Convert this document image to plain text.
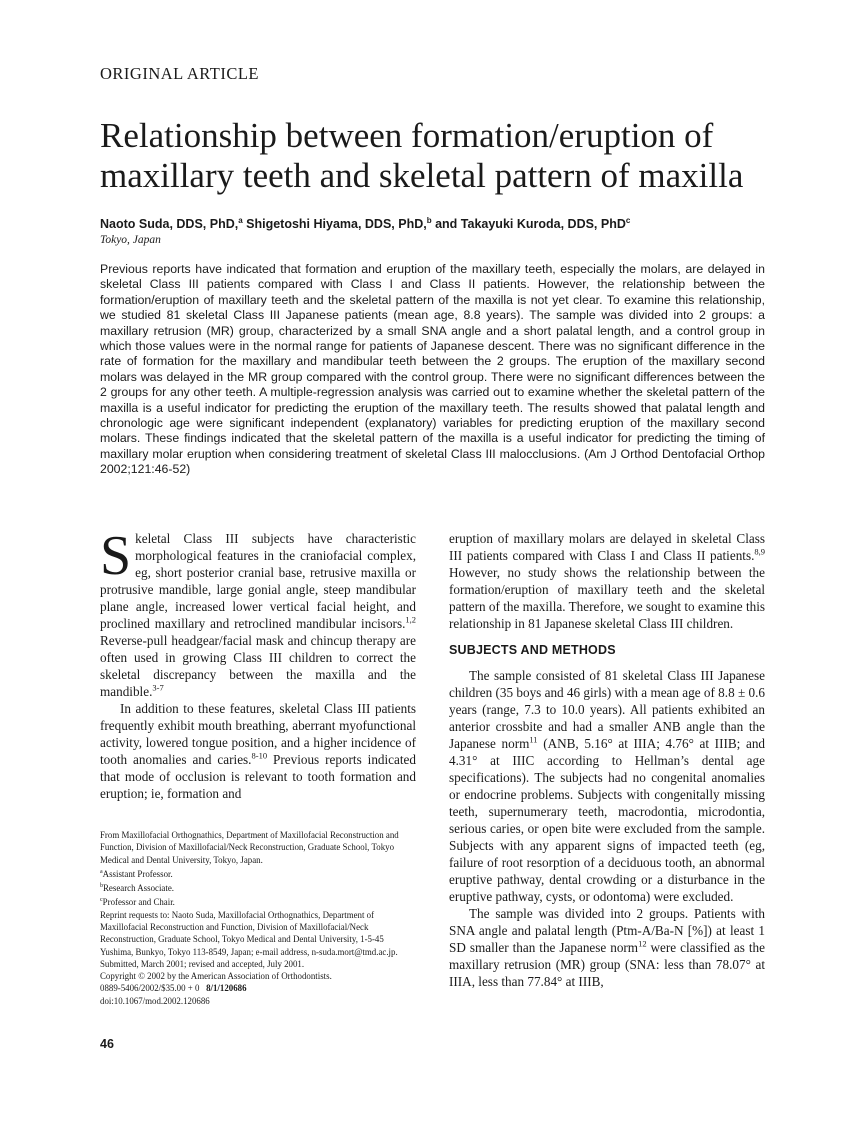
ORIGINAL ARTICLE
Relationship between formation/eruption of maxillary teeth and skeletal pattern of maxilla
Naoto Suda, DDS, PhD,$^a$ Shigetoshi Hiyama, DDS, PhD,$^b$ and Takayuki Kuroda, DDS, PhD$^c$
Tokyo, Japan

Previous reports have indicated that formation and eruption of the maxillary teeth, especially the molars, are delayed in skeletal Class III patients compared with Class I and Class II patients. However, the relationship between the formation/eruption of maxillary teeth and the skeletal pattern of the maxilla is not yet clear. To examine this relationship, we studied 81 skeletal Class III Japanese patients (mean age, 8.8 years). The sample was divided into 2 groups: a maxillary retrusion (MR) group, characterized by a small SNA angle and a short palatal length, and a control group in which those values were in the normal range for patients of Japanese descent. There was no significant difference in the rate of formation for the maxillary and mandibular teeth between the 2 groups. The eruption of the maxillary second molars was delayed in the MR group compared with the control group. There were no significant differences between the 2 groups for any other teeth. A multiple-regression analysis was carried out to examine whether the skeletal pattern of the maxilla is a useful indicator for predicting the eruption of the maxillary teeth. The results showed that palatal length and chronologic age were significant independent (explanatory) variables for predicting eruption of the maxillary second molars. These findings indicated that the skeletal pattern of the maxilla is a useful indicator for predicting the timing of maxillary molar eruption when considering treatment of skeletal Class III malocclusions. (Am J Orthod Dentofacial Orthop 2002;121:46-52)

Skeletal Class III subjects have characteristic morphological features in the craniofacial complex, eg, short posterior cranial base, retrusive maxilla or protrusive mandible, large gonial angle, steep mandibular plane angle, increased lower vertical facial height, and proclined maxillary and retroclined mandibular incisors.$^{1,2}$ Reverse-pull headgear/facial mask and chincup therapy are often used in growing Class III children to correct the skeletal discrepancy between the maxilla and the mandible.$^{3-7}$

In addition to these features, skeletal Class III patients frequently exhibit mouth breathing, aberrant myofunctional activity, lowered tongue position, and a higher incidence of tooth anomalies and caries.$^{8-10}$ Previous reports indicated that mode of occlusion is relevant to tooth formation and eruption; ie, formation and

eruption of maxillary molars are delayed in skeletal Class III patients compared with Class I and Class II patients.$^{8,9}$ However, no study shows the relationship between the formation/eruption of maxillary teeth and the skeletal pattern of the maxilla. Therefore, we sought to examine this relationship in 81 Japanese skeletal Class III children.

SUBJECTS AND METHODS

The sample consisted of 81 skeletal Class III Japanese children (35 boys and 46 girls) with a mean age of 8.8 ± 0.6 years (range, 7.3 to 10.0 years). All patients exhibited an anterior crossbite and had a smaller ANB angle than the Japanese norm$^{11}$ (ANB, 5.16° at IIIA; 4.76° at IIIB; and 4.31° at IIIC according to Hellman’s dental age specifications). The subjects had no congenital anomalies or endocrine problems. Subjects with congenitally missing teeth, supernumerary teeth, macrodontia, microdontia, serious caries, or open bite were excluded from the sample. Subjects with any apparent signs of impacted teeth (eg, failure of root resorption of a deciduous tooth, an abnormal eruptive pathway, dental crowding or a disturbance in the eruptive pathway, cysts, or odontoma) were excluded.

The sample was divided into 2 groups. Patients with SNA angle and palatal length (Ptm-A/Ba-N [%]) at least 1 SD smaller than the Japanese norm$^{12}$ were classified as the maxillary retrusion (MR) group (SNA: less than 78.07° at IIIA, less than 77.84° at IIIB,

From Maxillofacial Orthognathics, Department of Maxillofacial Reconstruction and Function, Division of Maxillofacial/Neck Reconstruction, Graduate School, Tokyo Medical and Dental University, Tokyo, Japan.
$^a$Assistant Professor.
$^b$Research Associate.
$^c$Professor and Chair.
Reprint requests to: Naoto Suda, Maxillofacial Orthognathics, Department of Maxillofacial Reconstruction and Function, Division of Maxillofacial/Neck Reconstruction, Graduate School, Tokyo Medical and Dental University, 1-5-45 Yushima, Bunkyo, Tokyo 113-8549, Japan; e-mail address, n-suda.mort@tmd.ac.jp.
Submitted, March 2001; revised and accepted, July 2001.
Copyright © 2002 by the American Association of Orthodontists.
0889-5406/2002/$35.00 + 0 8/1/120686
doi:10.1067/mod.2002.120686
46
